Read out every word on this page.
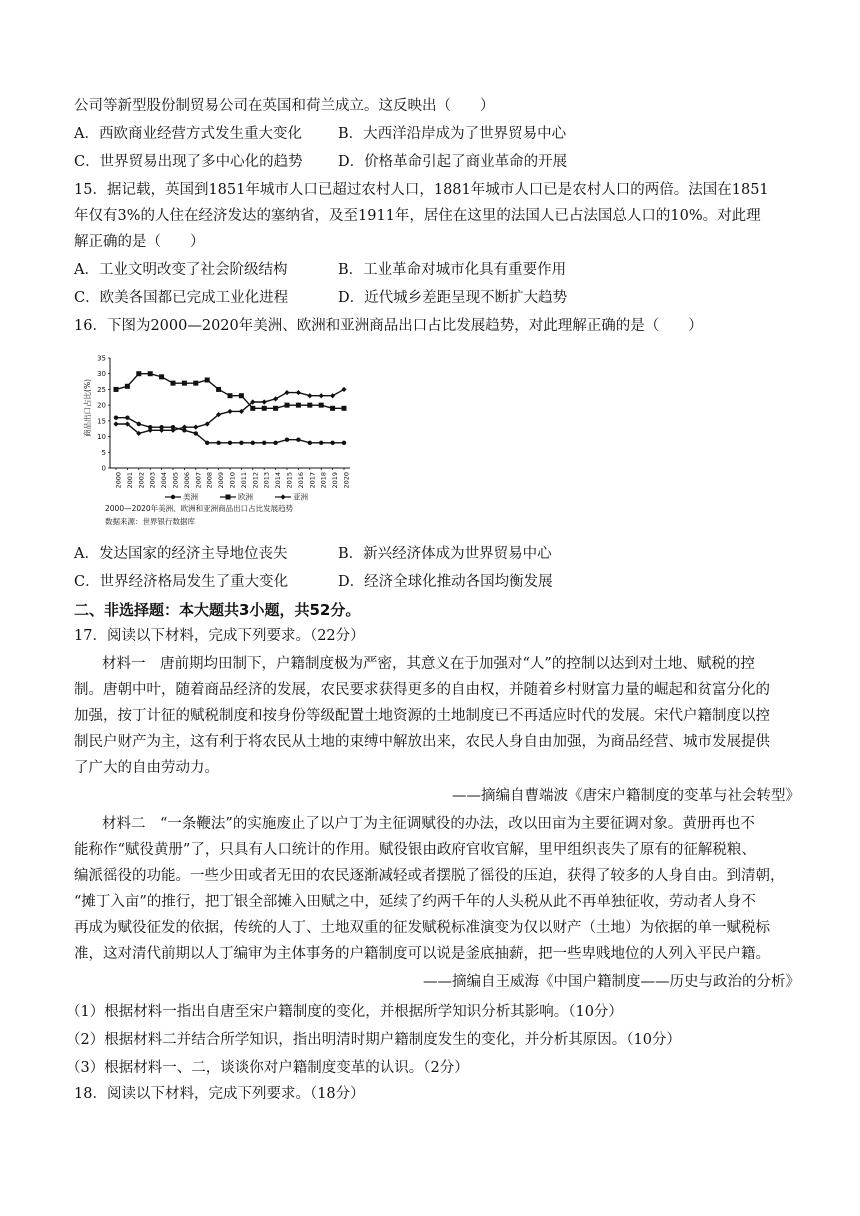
公司等新型股份制贸易公司在英国和荷兰成立。这反映出（　　）
A．西欧商业经营方式发生重大变化 B．大西洋沿岸成为了世界贸易中心
C．世界贸易出现了多中心化的趋势 D．价格革命引起了商业革命的开展
15．据记载，英国到1851年城市人口已超过农村人口，1881年城市人口已是农村人口的两倍。法国在1851
年仅有3%的人住在经济发达的塞纳省，及至1911年，居住在这里的法国人已占法国总人口的10%。对此理
解正确的是（　　）
A．工业文明改变了社会阶级结构	B．工业革命对城市化具有重要作用
C．欧美各国都已完成工业化进程	D．近代城乡差距呈现不断扩大趋势
16．下图为2000—2020年美洲、欧洲和亚洲商品出口占比发展趋势，对此理解正确的是（　　）
0
5
10
15
20
25
30
35
2000 2001 2002 2003 2004 2005 2006 2007 2008 2009 2010 2011 2012 2013 2014 2015 2016 2017 2018 2019 2020
商品出口占比(%)
美洲	欧洲	亚洲
2000—2020年美洲、欧洲和亚洲商品出口占比发展趋势
数据来源：世界银行数据库
A．发达国家的经济主导地位丧失	B．新兴经济体成为世界贸易中心
C．世界经济格局发生了重大变化	D．经济全球化推动各国均衡发展
二、非选择题：本大题共3小题，共52分。
17．阅读以下材料，完成下列要求。（22分）
材料一　唐前期均田制下，户籍制度极为严密，其意义在于加强对“人”的控制以达到对土地、赋税的控
制。唐朝中叶，随着商品经济的发展，农民要求获得更多的自由权，并随着乡村财富力量的崛起和贫富分化的
加强，按丁计征的赋税制度和按身份等级配置土地资源的土地制度已不再适应时代的发展。宋代户籍制度以控
制民户财产为主，这有利于将农民从土地的束缚中解放出来，农民人身自由加强，为商品经营、城市发展提供
了广大的自由劳动力。
——摘编自曹端波《唐宋户籍制度的变革与社会转型》
材料二　“一条鞭法”的实施废止了以户丁为主征调赋役的办法，改以田亩为主要征调对象。黄册再也不
能称作“赋役黄册”了，只具有人口统计的作用。赋役银由政府官收官解，里甲组织丧失了原有的征解税粮、
编派徭役的功能。一些少田或者无田的农民逐渐减轻或者摆脱了徭役的压迫，获得了较多的人身自由。到清朝，
“摊丁入亩”的推行，把丁银全部摊入田赋之中，延续了约两千年的人头税从此不再单独征收，劳动者人身不
再成为赋役征发的依据，传统的人丁、土地双重的征发赋税标准演变为仅以财产（土地）为依据的单一赋税标
准，这对清代前期以人丁编审为主体事务的户籍制度可以说是釜底抽薪，把一些卑贱地位的人列入平民户籍。
——摘编自王威海《中国户籍制度——历史与政治的分析》
（1）根据材料一指出自唐至宋户籍制度的变化，并根据所学知识分析其影响。（10分）
（2）根据材料二并结合所学知识，指出明清时期户籍制度发生的变化，并分析其原因。（10分）
（3）根据材料一、二，谈谈你对户籍制度变革的认识。（2分）
18．阅读以下材料，完成下列要求。（18分）
